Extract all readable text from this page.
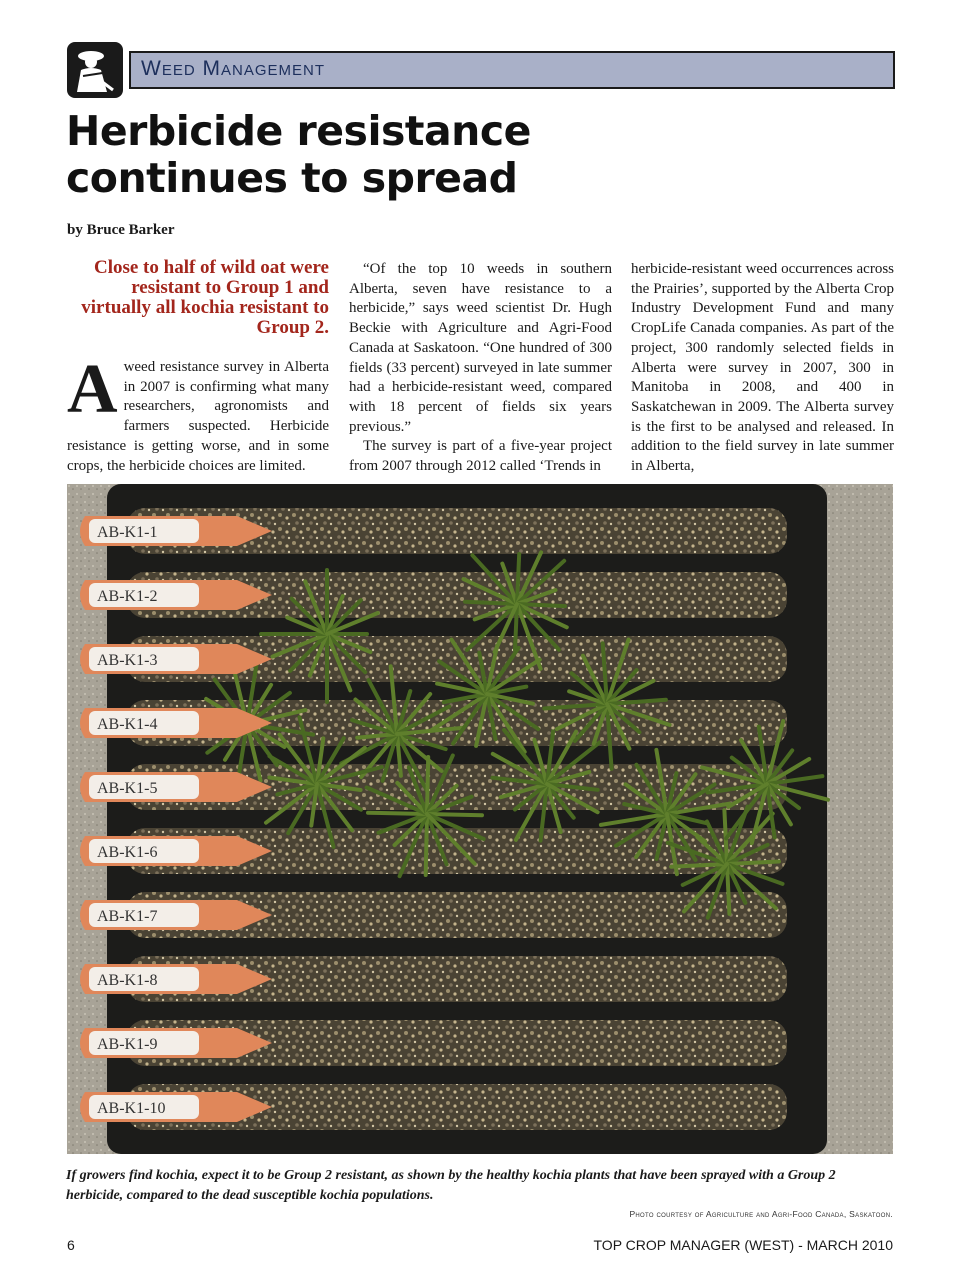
Weed Management
Herbicide resistance continues to spread
by Bruce Barker
Close to half of wild oat were resistant to Group 1 and virtually all kochia resistant to Group 2.

Aweed resistance survey in Alberta in 2007 is confirming what many researchers, agronomists and farmers suspected. Herbicide resistance is getting worse, and in some crops, the herbicide choices are limited.

“Of the top 10 weeds in southern Alberta, seven have resistance to a herbicide,” says weed scientist Dr. Hugh Beckie with Agriculture and Agri-Food Canada at Saskatoon. “One hundred of 300 fields (33 percent) surveyed in late summer had a herbicide-resistant weed, compared with 18 percent of fields six years previous.”

The survey is part of a five-year project from 2007 through 2012 called ‘Trends in

herbicide-resistant weed occurrences across the Prairies’, supported by the Alberta Crop Industry Development Fund and many CropLife Canada companies. As part of the project, 300 randomly selected fields in Alberta were survey in 2007, 300 in Manitoba in 2008, and 400 in Saskatchewan in 2009. The Alberta survey is the first to be analysed and released. In addition to the field survey in late summer in Alberta,

AB-K1-1
AB-K1-2
AB-K1-3
AB-K1-4
AB-K1-5
AB-K1-6
AB-K1-7
AB-K1-8
AB-K1-9
AB-K1-10
If growers find kochia, expect it to be Group 2 resistant, as shown by the healthy kochia plants that have been sprayed with a Group 2 herbicide, compared to the dead susceptible kochia populations.
Photo courtesy of Agriculture and Agri-Food Canada, Saskatoon.
6	TOP CROP MANAGER (WEST) - MARCH 2010
